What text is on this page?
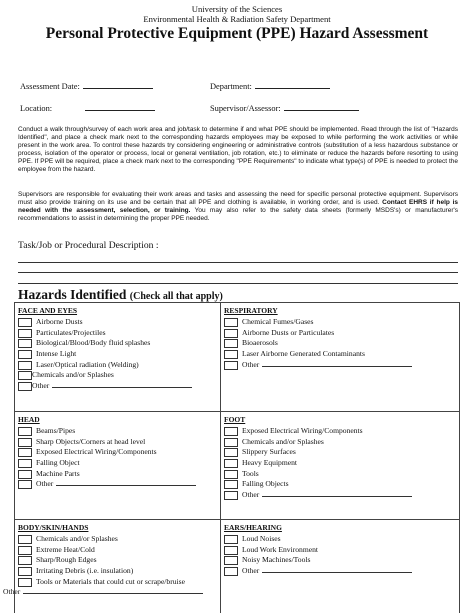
University of the Sciences
Environmental Health & Radiation Safety Department
Personal Protective Equipment (PPE) Hazard Assessment
Assessment Date:	Department:
Location:	Supervisor/Assessor:
Conduct a walk through/survey of each work area and job/task to determine if and what PPE should be implemented. Read through the list of "Hazards Identified", and place a check mark next to the corresponding hazards employees may be exposed to while performing the work activities or while present in the work area. To control these hazards try considering engineering or administrative controls (substitution of a less hazardous substance or process, isolation of the operator or process, local or general ventilation, job rotation, etc.) to eliminate or reduce the hazards before resorting to using PPE. If PPE will be required, place a check mark next to the corresponding "PPE Requirements" to indicate what type(s) of PPE is needed to protect the employee from the hazard.
Supervisors are responsible for evaluating their work areas and tasks and assessing the need for specific personal protective equipment. Supervisors must also provide training on its use and be certain that all PPE and clothing is available, in working order, and is used. Contact EHRS if help is needed with the assessment, selection, or training. You may also refer to the safety data sheets (formerly MSDS's) or manufacturer's recommendations to assist in determining the proper PPE needed.
Task/Job or Procedural Description :
Hazards Identified (Check all that apply)
FACE AND EYES
Airborne Dusts
Particulates/Projectiles
Biological/Blood/Body fluid splashes
Intense Light
Laser/Optical radiation (Welding)
Chemicals and/or Splashes
Other
RESPIRATORY
Chemical Fumes/Gases
Airborne Dusts or Particulates
Bioaerosols
Laser Airborne Generated Contaminants
Other
HEAD
Beams/Pipes
Sharp Objects/Corners at head level
Exposed Electrical Wiring/Components
Falling Object
Machine Parts
Other
FOOT
Exposed Electrical Wiring/Components
Chemicals and/or Splashes
Slippery Surfaces
Heavy Equipment
Tools
Falling Objects
Other
BODY/SKIN/HANDS
Chemicals and/or Splashes
Extreme Heat/Cold
Sharp/Rough Edges
Irritating Debris (i.e. insulation)
Tools or Materials that could cut or scrape/bruise
Other
EARS/HEARING
Loud Noises
Loud Work Environment
Noisy Machines/Tools
Other
